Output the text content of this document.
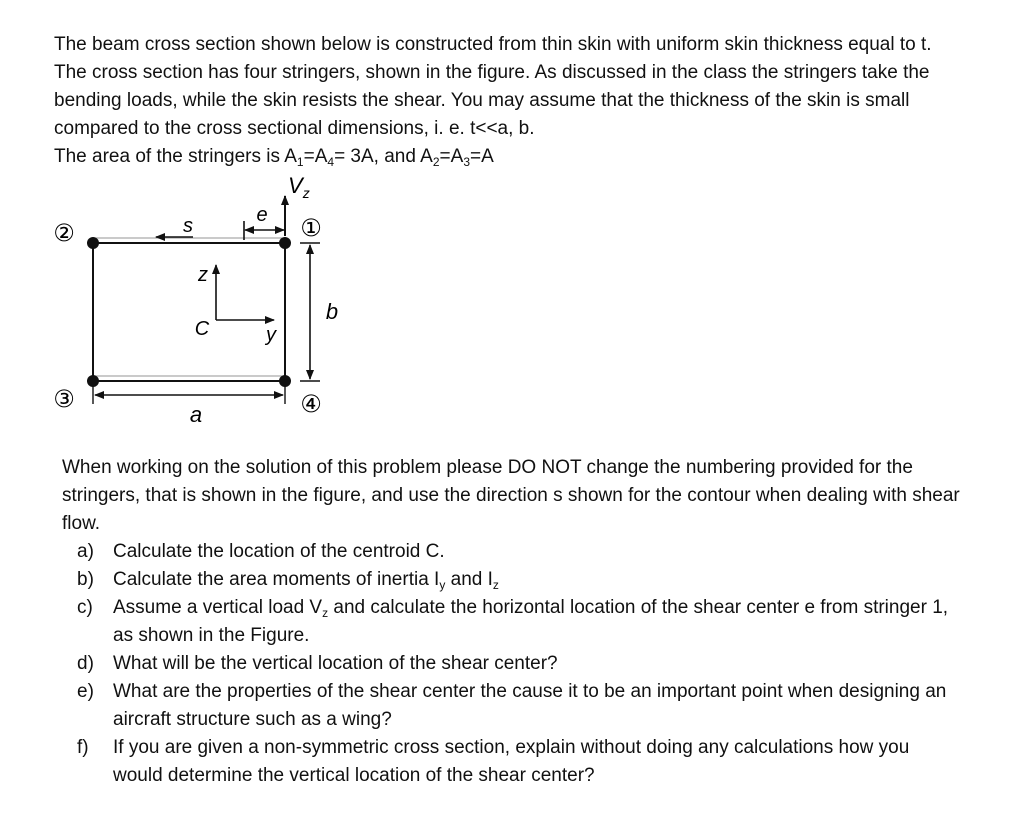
The beam cross section shown below is constructed from thin skin with uniform skin thickness equal to t. The cross section has four stringers, shown in the figure. As discussed in the class the stringers take the bending loads, while the skin resists the shear. You may assume that the thickness of the skin is small compared to the cross sectional dimensions, i. e. t<<a, b.

The area of the stringers is $A_1=A_4= 3A$, and $A_2=A_3=A$

①
②
③	④
$V_z$
s	e
b
a
z
y
C

When working on the solution of this problem please DO NOT change the numbering provided for the stringers, that is shown in the figure, and use the direction s shown for the contour when dealing with shear flow.

a) Calculate the location of the centroid C.
b) Calculate the area moments of inertia $I_y$ and $I_z$
c) Assume a vertical load $V_z$ and calculate the horizontal location of the shear center e from stringer 1, as shown in the Figure.
d) What will be the vertical location of the shear center?
e) What are the properties of the shear center the cause it to be an important point when designing an aircraft structure such as a wing?
f) If you are given a non-symmetric cross section, explain without doing any calculations how you would determine the vertical location of the shear center?
